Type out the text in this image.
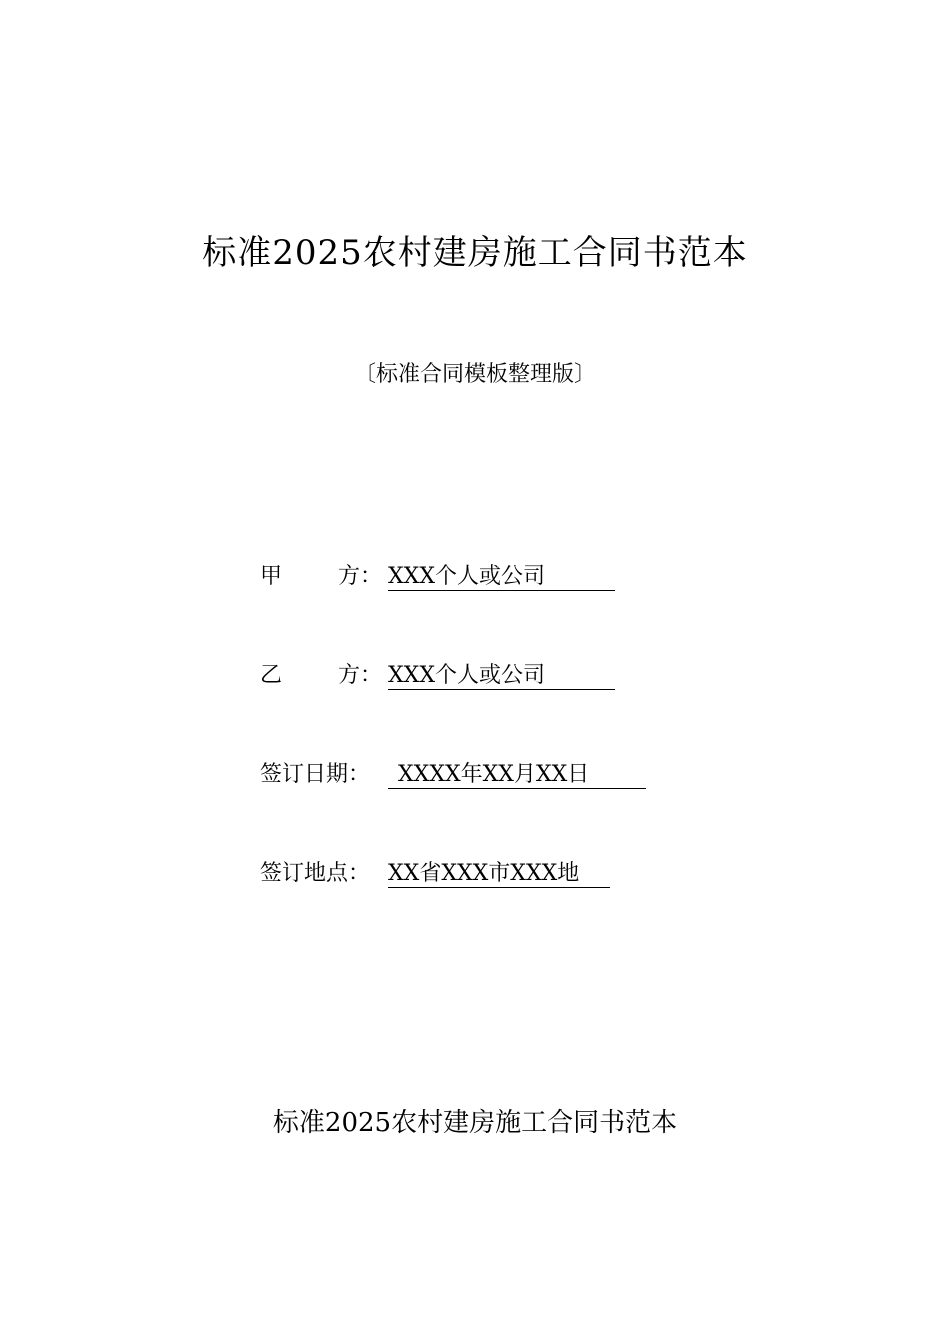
标准2025农村建房施工合同书范本
〔标准合同模板整理版〕
甲	方： XXX个人或公司
乙	方： XXX个人或公司
签订日期： XXXX年XX月XX日
签订地点： XX省XXX市XXX地
标准2025农村建房施工合同书范本
